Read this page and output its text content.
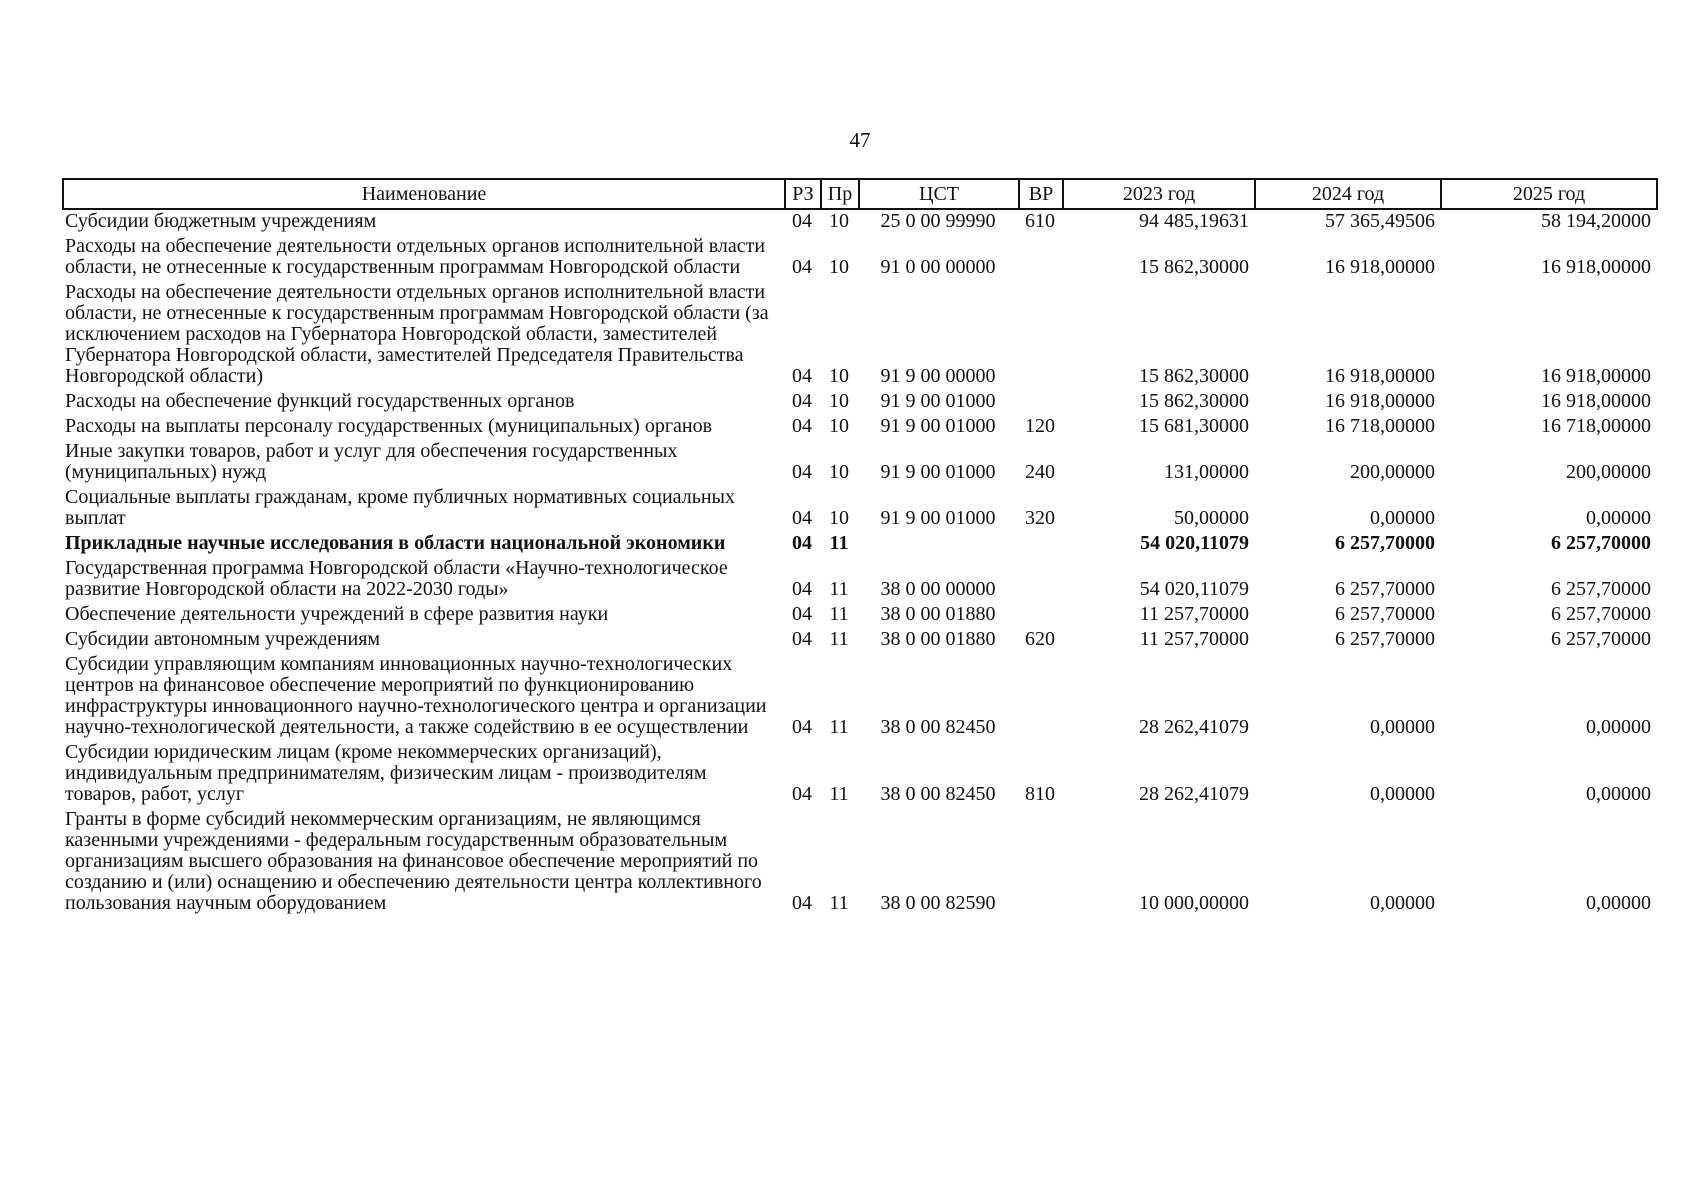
47
Наименование	РЗ	Пр	ЦСТ	ВР	2023 год	2024 год	2025 год
Субсидии бюджетным учреждениям	04	10	25 0 00 99990	610	94 485,19631	57 365,49506	58 194,20000
Расходы на обеспечение деятельности отдельных органов исполнительной власти области, не отнесенные к государственным программам Новгородской области	04	10	91 0 00 00000		15 862,30000	16 918,00000	16 918,00000
Расходы на обеспечение деятельности отдельных органов исполнительной власти области, не отнесенные к государственным программам Новгородской области (за исключением расходов на Губернатора Новгородской области, заместителей Губернатора Новгородской области, заместителей Председателя Правительства Новгородской области)	04	10	91 9 00 00000		15 862,30000	16 918,00000	16 918,00000
Расходы на обеспечение функций государственных органов	04	10	91 9 00 01000		15 862,30000	16 918,00000	16 918,00000
Расходы на выплаты персоналу государственных (муниципальных) органов	04	10	91 9 00 01000	120	15 681,30000	16 718,00000	16 718,00000
Иные закупки товаров, работ и услуг для обеспечения государственных (муниципальных) нужд	04	10	91 9 00 01000	240	131,00000	200,00000	200,00000
Социальные выплаты гражданам, кроме публичных нормативных социальных выплат	04	10	91 9 00 01000	320	50,00000	0,00000	0,00000
Прикладные научные исследования в области национальной экономики	04	11			54 020,11079	6 257,70000	6 257,70000
Государственная программа Новгородской области «Научно-технологическое развитие Новгородской области на 2022-2030 годы»	04	11	38 0 00 00000		54 020,11079	6 257,70000	6 257,70000
Обеспечение деятельности учреждений в сфере развития науки	04	11	38 0 00 01880		11 257,70000	6 257,70000	6 257,70000
Субсидии автономным учреждениям	04	11	38 0 00 01880	620	11 257,70000	6 257,70000	6 257,70000
Субсидии управляющим компаниям инновационных научно-технологических центров на финансовое обеспечение мероприятий по функционированию инфраструктуры инновационного научно-технологического центра и организации научно-технологической деятельности, а также содействию в ее осуществлении	04	11	38 0 00 82450		28 262,41079	0,00000	0,00000
Субсидии юридическим лицам (кроме некоммерческих организаций), индивидуальным предпринимателям, физическим лицам - производителям товаров, работ, услуг	04	11	38 0 00 82450	810	28 262,41079	0,00000	0,00000
Гранты в форме субсидий некоммерческим организациям, не являющимся казенными учреждениями - федеральным государственным образовательным организациям высшего образования на финансовое обеспечение мероприятий по созданию и (или) оснащению и обеспечению деятельности центра коллективного пользования научным оборудованием	04	11	38 0 00 82590		10 000,00000	0,00000	0,00000
